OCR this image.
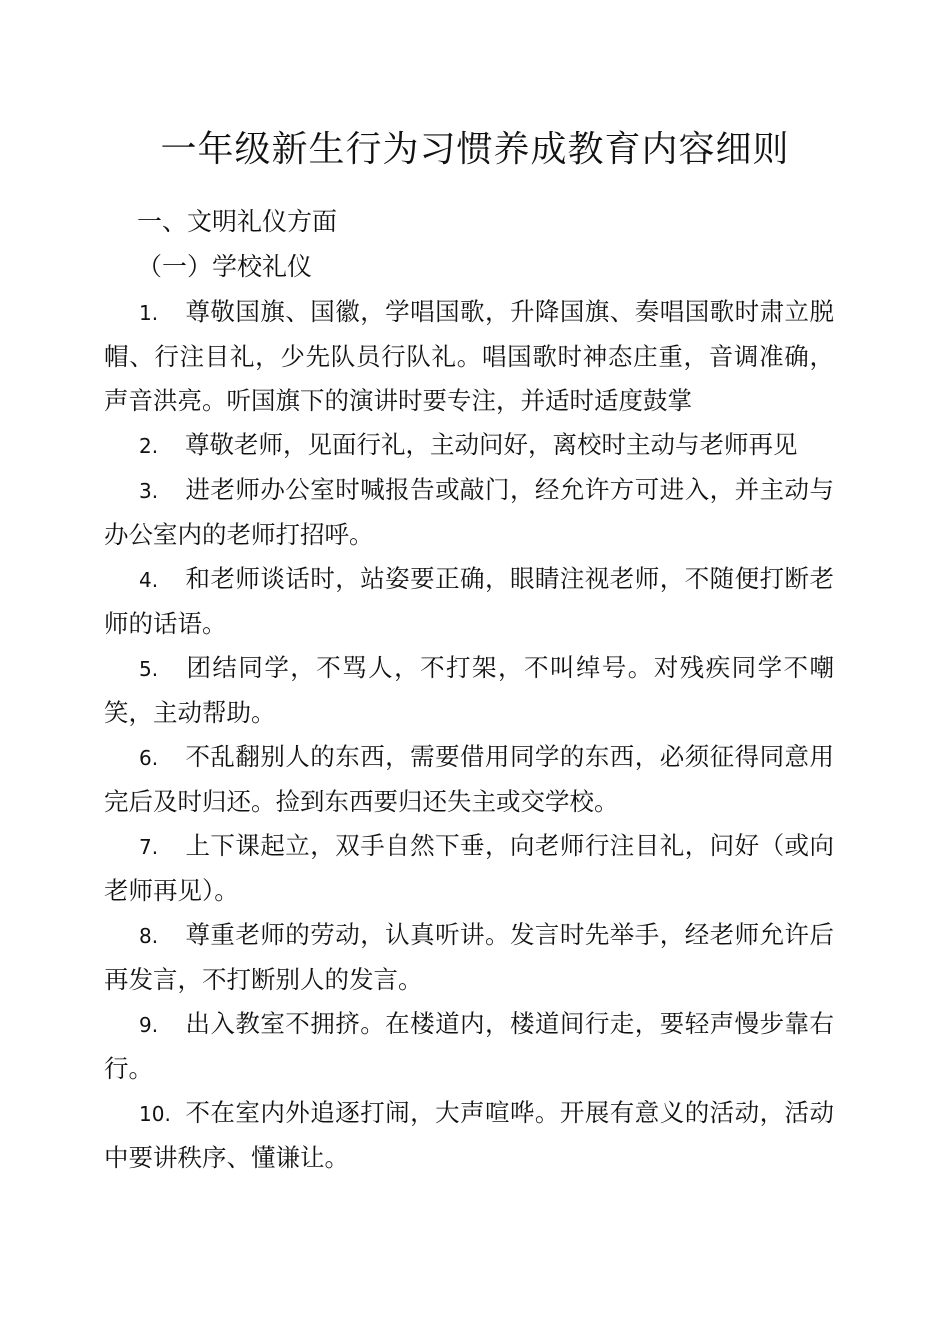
一年级新生行为习惯养成教育内容细则
一、文明礼仪方面
（一）学校礼仪

1. 尊敬国旗、国徽，学唱国歌，升降国旗、奏唱国歌时肃立脱帽、行注目礼，少先队员行队礼。唱国歌时神态庄重，音调准确，声音洪亮。听国旗下的演讲时要专注，并适时适度鼓掌

2. 尊敬老师，见面行礼，主动问好，离校时主动与老师再见

3. 进老师办公室时喊报告或敲门，经允许方可进入，并主动与办公室内的老师打招呼。

4. 和老师谈话时，站姿要正确，眼睛注视老师，不随便打断老师的话语。

5. 团结同学，不骂人，不打架，不叫绰号。对残疾同学不嘲笑，主动帮助。

6. 不乱翻别人的东西，需要借用同学的东西，必须征得同意用完后及时归还。捡到东西要归还失主或交学校。

7. 上下课起立，双手自然下垂，向老师行注目礼，问好（或向老师再见）。

8. 尊重老师的劳动，认真听讲。发言时先举手，经老师允许后再发言，不打断别人的发言。

9. 出入教室不拥挤。在楼道内，楼道间行走，要轻声慢步靠右行。

10. 不在室内外追逐打闹，大声喧哗。开展有意义的活动，活动中要讲秩序、懂谦让。
